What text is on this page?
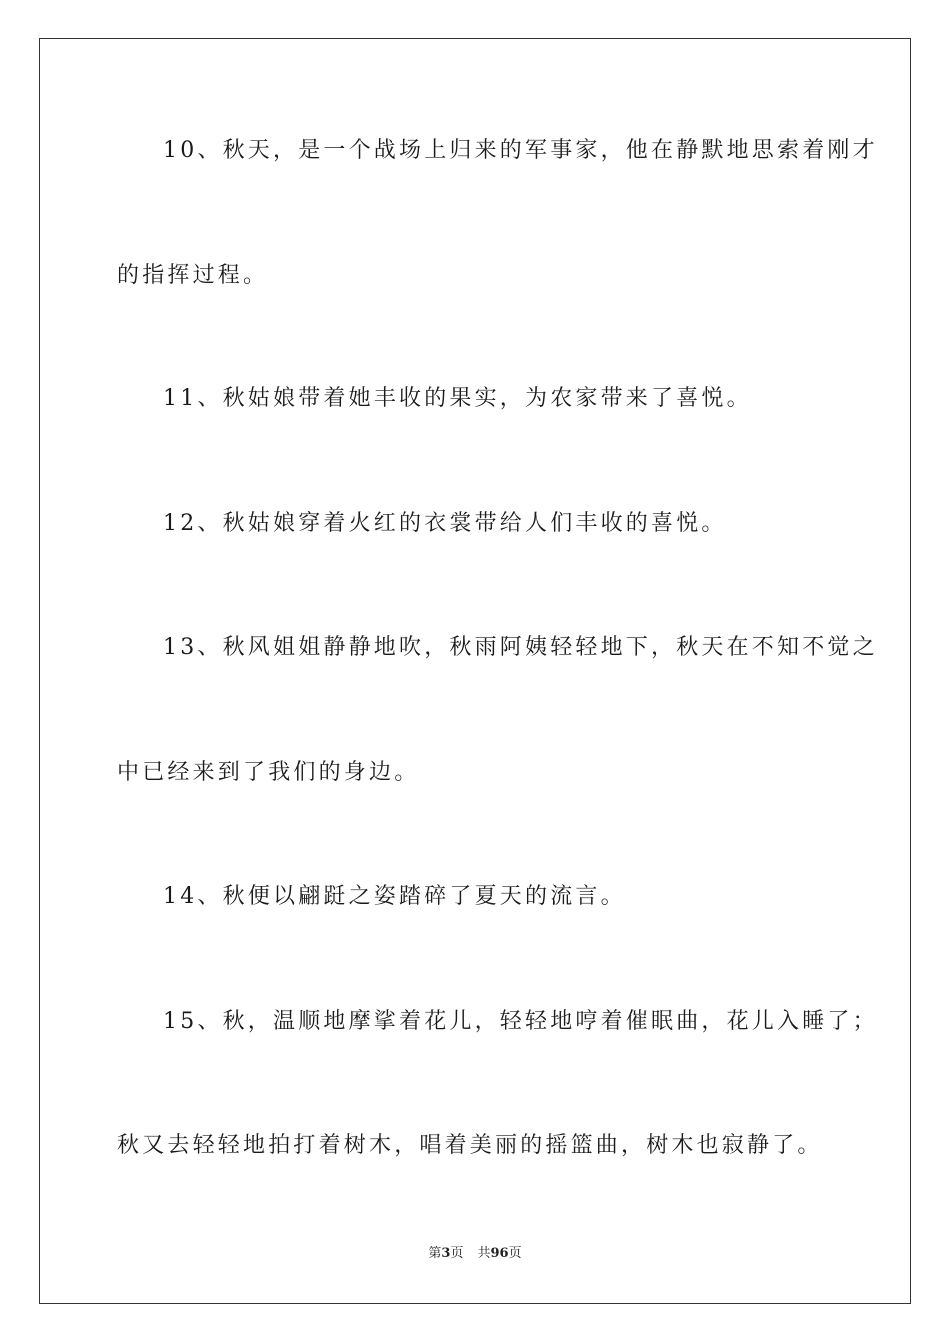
10、秋天，是一个战场上归来的军事家，他在静默地思索着刚才
的指挥过程。
11、秋姑娘带着她丰收的果实，为农家带来了喜悦。
12、秋姑娘穿着火红的衣裳带给人们丰收的喜悦。
13、秋风姐姐静静地吹，秋雨阿姨轻轻地下，秋天在不知不觉之
中已经来到了我们的身边。
14、秋便以翩跹之姿踏碎了夏天的流言。
15、秋，温顺地摩挲着花儿，轻轻地哼着催眠曲，花儿入睡了；
秋又去轻轻地拍打着树木，唱着美丽的摇篮曲，树木也寂静了。
第3页 共96页
